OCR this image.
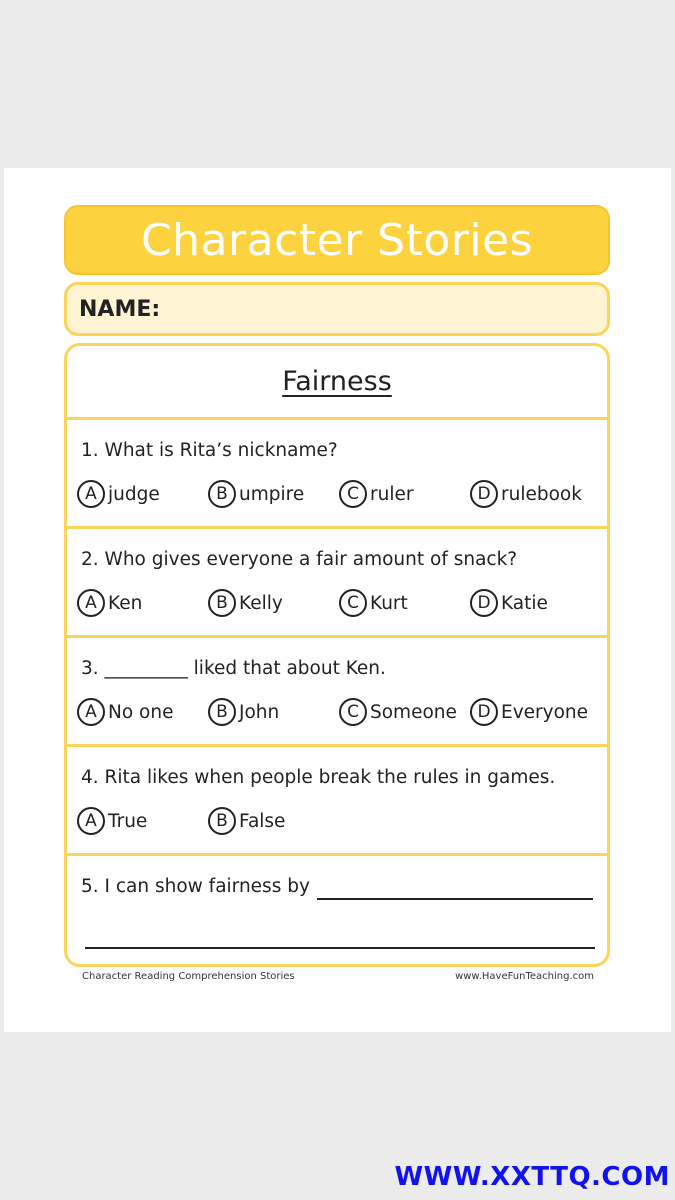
Character Stories
NAME:
Fairness
1. What is Rita’s nickname?
A judge	B umpire	C ruler	D rulebook
2. Who gives everyone a fair amount of snack?
A Ken	B Kelly	C Kurt	D Katie
3. _________ liked that about Ken.
A No one	B John	C Someone	D Everyone
4. Rita likes when people break the rules in games.
A True	B False
5. I can show fairness by
Character Reading Comprehension Stories	www.HaveFunTeaching.com
WWW.XXTTQ.COM
